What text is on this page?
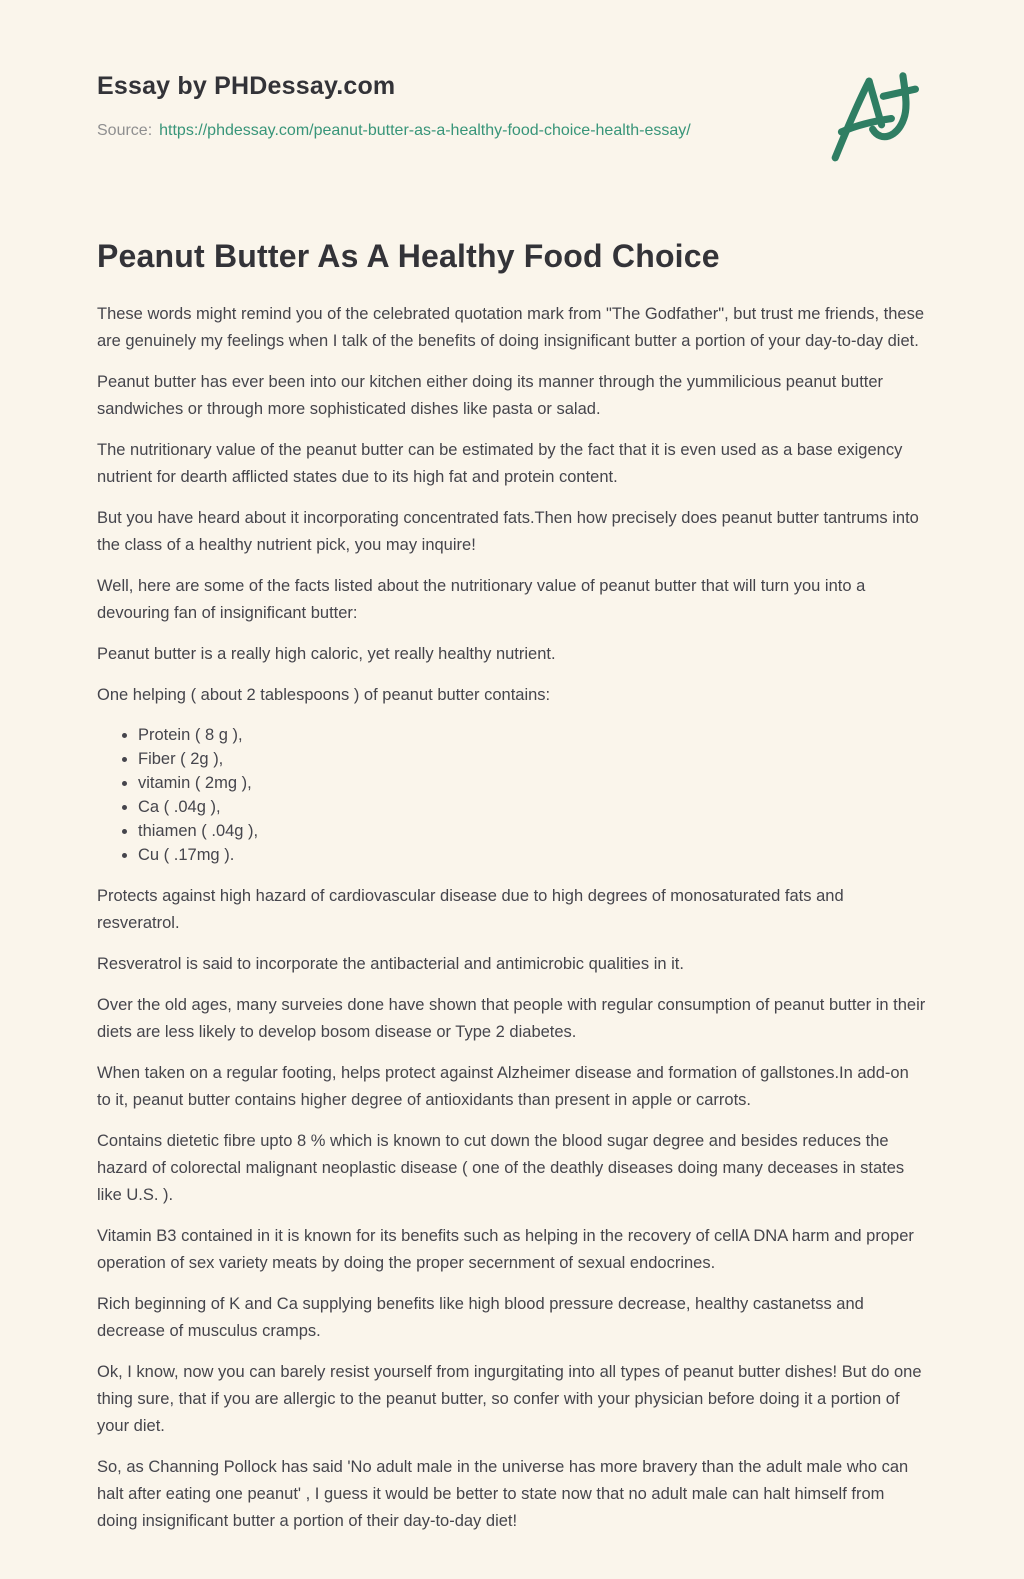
Essay by PHDessay.com
Source: https://phdessay.com/peanut-butter-as-a-healthy-food-choice-health-essay/
Peanut Butter As A Healthy Food Choice

These words might remind you of the celebrated quotation mark from "The Godfather", but trust me friends, these are genuinely my feelings when I talk of the benefits of doing insignificant butter a portion of your day-to-day diet.

Peanut butter has ever been into our kitchen either doing its manner through the yummilicious peanut butter sandwiches or through more sophisticated dishes like pasta or salad.

The nutritionary value of the peanut butter can be estimated by the fact that it is even used as a base exigency nutrient for dearth afflicted states due to its high fat and protein content.

But you have heard about it incorporating concentrated fats.Then how precisely does peanut butter tantrums into the class of a healthy nutrient pick, you may inquire!

Well, here are some of the facts listed about the nutritionary value of peanut butter that will turn you into a devouring fan of insignificant butter:

Peanut butter is a really high caloric, yet really healthy nutrient.

One helping ( about 2 tablespoons ) of peanut butter contains:

• Protein ( 8 g ),
• Fiber ( 2g ),
• vitamin ( 2mg ),
• Ca ( .04g ),
• thiamen ( .04g ),
• Cu ( .17mg ).

Protects against high hazard of cardiovascular disease due to high degrees of monosaturated fats and resveratrol.

Resveratrol is said to incorporate the antibacterial and antimicrobic qualities in it.

Over the old ages, many surveies done have shown that people with regular consumption of peanut butter in their diets are less likely to develop bosom disease or Type 2 diabetes.

When taken on a regular footing, helps protect against Alzheimer disease and formation of gallstones.In add-on to it, peanut butter contains higher degree of antioxidants than present in apple or carrots.

Contains dietetic fibre upto 8 % which is known to cut down the blood sugar degree and besides reduces the hazard of colorectal malignant neoplastic disease ( one of the deathly diseases doing many deceases in states like U.S. ).

Vitamin B3 contained in it is known for its benefits such as helping in the recovery of cellA DNA harm and proper operation of sex variety meats by doing the proper secernment of sexual endocrines.

Rich beginning of K and Ca supplying benefits like high blood pressure decrease, healthy castanetss and decrease of musculus cramps.

Ok, I know, now you can barely resist yourself from ingurgitating into all types of peanut butter dishes! But do one thing sure, that if you are allergic to the peanut butter, so confer with your physician before doing it a portion of your diet.

So, as Channing Pollock has said 'No adult male in the universe has more bravery than the adult male who can halt after eating one peanut' , I guess it would be better to state now that no adult male can halt himself from doing insignificant butter a portion of their day-to-day diet!
